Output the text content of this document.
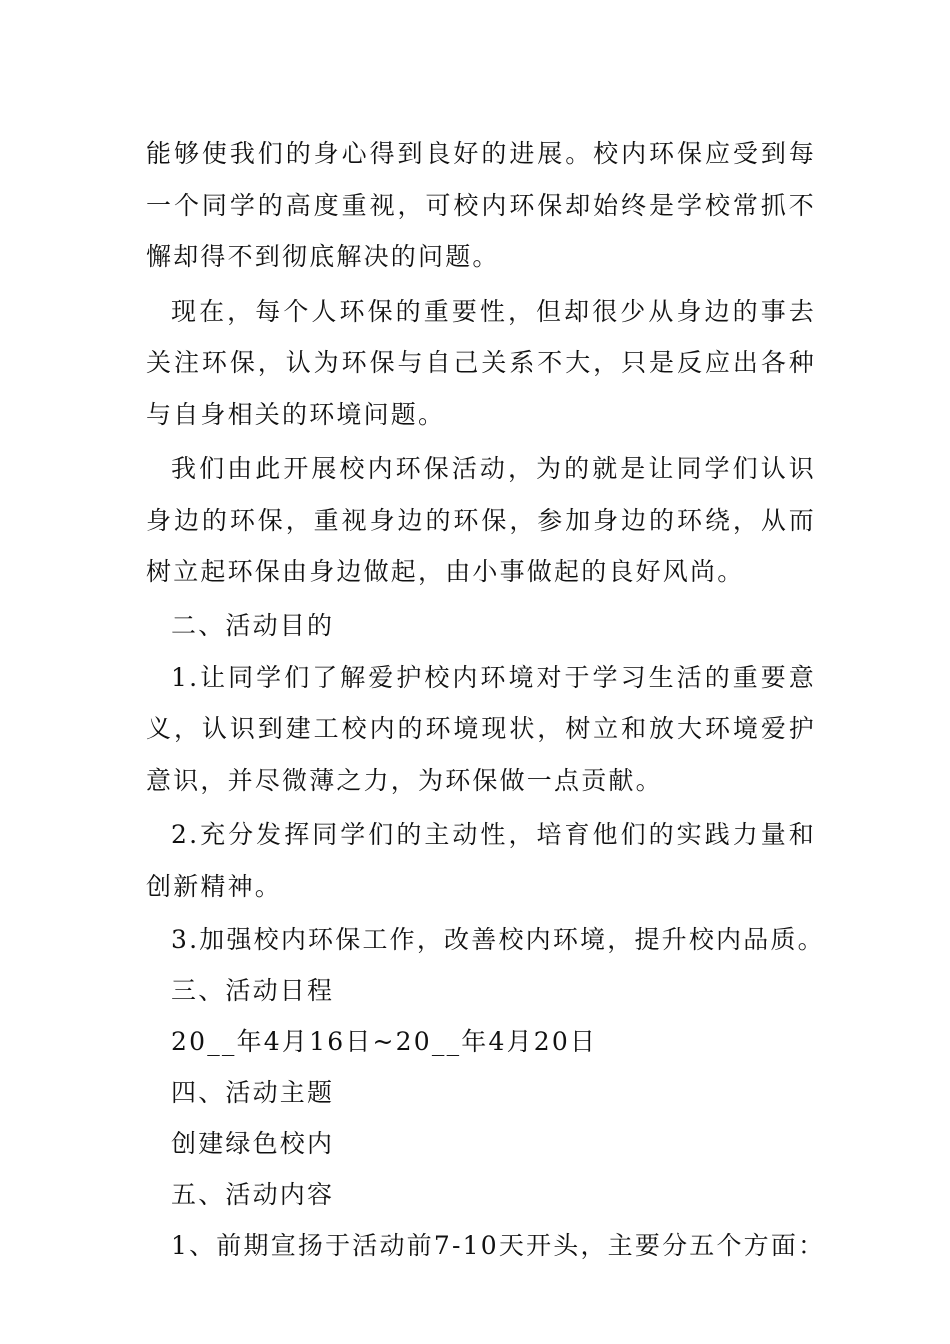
能够使我们的身心得到良好的进展。校内环保应受到每一个同学的高度重视，可校内环保却始终是学校常抓不懈却得不到彻底解决的问题。

现在，每个人环保的重要性，但却很少从身边的事去关注环保，认为环保与自己关系不大，只是反应出各种与自身相关的环境问题。

我们由此开展校内环保活动，为的就是让同学们认识身边的环保，重视身边的环保，参加身边的环绕，从而树立起环保由身边做起，由小事做起的良好风尚。

二、活动目的

1.让同学们了解爱护校内环境对于学习生活的重要意义，认识到建工校内的环境现状，树立和放大环境爱护意识，并尽微薄之力，为环保做一点贡献。

2.充分发挥同学们的主动性，培育他们的实践力量和创新精神。

3.加强校内环保工作，改善校内环境，提升校内品质。
三、活动日程
20__年4月16日~20__年4月20日
四、活动主题
创建绿色校内
五、活动内容
1、前期宣扬于活动前7-10天开头，主要分五个方面：
